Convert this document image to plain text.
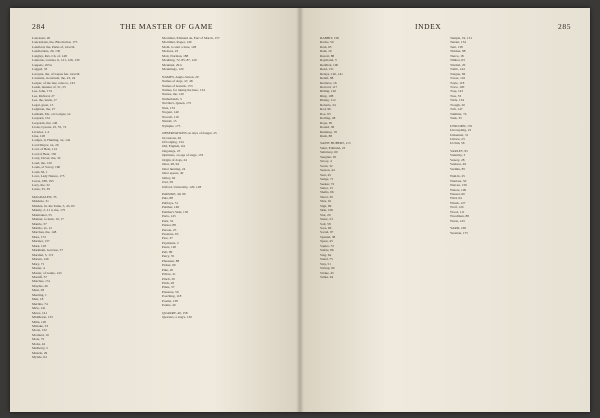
284	THE MASTER OF GAME
Lancaster, 20
Lancastrian, the, Bloom that, 175
Landlord, the, Parks of, xxxviii
Landlorders, 29, 130
Langley, Rev. Ch. of. 148
Lanterns, various, ii, 121, 126, 130
Lappets, 163 n
Lagged, 33
Laroyne, the, of Lupus fen. xxxviii
Lawsuits, in ancient, the, 23, 24
Leaper, of the late, rates to, 143
Leash, manner of, 51, 55
Lee, John, 174
Lee, Richard, 27
Lee, the, lands, 17
Legal, great, 13
Leighton, the, 27
Lenham, Mr., on Lodges, xx
Leopard, 152
Leopards, the, 146
Lions, Lysons, 25, 55, 72
Liveries, 1-2
Line, 128
Lodges, ii, Hunting, xx, 142
Lord Mayor, xx, 20
Lord, of Beat, 114
Lord of Bear, 150
Lorry, Dover, the, 32
Loud, the, 120
Louis, of Savoy, 160
Louis XI, 1
Love, Lady Nature, 175
Lucas, 188, 195
Lucy, the, 32
Lures, 35, 39
MAGDALEN, 35
Maidens, 31
Maiden, lit. the Tame, 5, 45, 65
Mainly, 2, 21 n, the, 175
Maintainer, 55
Manner, to hunt, 10, 17
Mantle, 37
Marble, xx, 12
Marches, the, 148
Mare, 172
Mariner, 137
Mark, 118
Markham, Gervase, 37
Marshal, 5, 172
Marten, 146
Mary, 71
Master, 4
Master, of Game, 143
Mastiff, 37
Matches, 151
Maydes, 40
Meat, 28
Meeting, 1
Men, 18
Merlins, 74
Mew, 141
Mews, 141
Middleton, 135
Mille, 120
Mistake, 33
Moon, 132
Morland, 10
Mote, 72
Motte, 42
Mulberry, 5
Muzzle, 29
Mynde, 64
Mortimer, Edmund de, Earl of March, 157
Mortimer, Roger, 140
Moth, to start a hare, 128
Mottoes, 22
Mott, Norman, 188
Moulting, 72, 85, 87, 120
Mounted, 29 n
Mountings, 120
NAMES, Anglo-Saxon, 20
Names of dogs, 47, 48
Names of hounds, 153
Names, for taking the hare, 134
Nature, the, 120
Netherlands, 5
Neville's, Queen, 175
Nets, 133
Nogent, 140
Nowell, 116
Nuttall, 15
Nymphs, 175
OBSERVATIONS on days of danger, 25
Occasions, 49
Of lodging, 134
Old, English, xix
Ongoings, 25
Opinions, on age of stags, 133
Origin of dogs, 24
Otter, 48, 94
Otter hunting, 24
Otter spears, 40
Ottley, 62
Owl, 58
Oxford, University, 120, 128
PADUKE, 40, 90
Pale, 88
Palfreys, 51
Panther, 148
Panther's Skin, 150
Paris, 143
Park, 52
Parker, 88
Parson, 25
Pasterns, 65
Paw, 37
Payments, 2
Peers, 120
Pelt, 89
Perry, 55
Pheasant, 88
Picket, 90
Pike, 20
Pillow, 21
Pinch, 30
Pitch, 28
Plans, 37
Pleasure, 50
Poaching, 118
Poems, 138
Points, 40
QUARRY, 40, 158
Quarters, a stag's, 130
INDEX	285
RABBIT, 106
Rache, 50
Rain, 65
Ram, 19
Rascal, 88
Raymond, 3
Reddick, 100
Reed, 151
Relays, 140, 141
Relief, 88
Retrieve, 16
Reward, 117
Riding, 120
Ring, 108
Rising, 112
Roberts, 34
Rod, 90
Roe, 93
Rolling, 48
Rope, 95
Round, 38
Running, 18
Rush, 88
SAINT HUBERT, 115
Saint, Edmund, 23
Salisbury, 60
Sanglier, 95
Savoy, 4
Scent, 32
Season, 44
Seat, 45
Sedge, 71
Seeker, 72
Setter, 13
Shafts, 66
Shoot, 65
Shot, 91
Sign, 99
Skin, 100
Slot, 20
Snare, 23
Soil, 58
Sore, 96
Sorrel, 97
Spaniel, 38
Spear, 43
Squire, 72
Stable, 86
Stag, 64
Stand, 75
Stay, 51
Stirrup, 90
Strake, 45
Strike, 94
Temple, 19, 131
Tenant, 134
Tent, 138
Thicket, 88
Tierce, 18
Timber, 63
Tinchel, 20
Tomb, 144
Tongue, 84
Tower, 116
Toyle, 118
Trace, 100
Trap, 143
Tree, 53
Trick, 134
Trough, 20
Tuft, 147
Tumbler, 74
Tusk, 33
UNICORN, 155
Uncoupling, 23
Unkennel, 31
Unlace, 23
Urchin, 56
VARLET, 95
Vauntlay, 3
Venery, 28
Venison, 49
Vermin, 85
WALK, 25
Wanlass, 50
Warren, 139
Waters, 109
Weasel, 60
Wild, 64
Winds, 127
Wolf, 120
Wood, 111
Woodmen, 88
Wrest, 143
YARD, 160
Yeoman, 175
